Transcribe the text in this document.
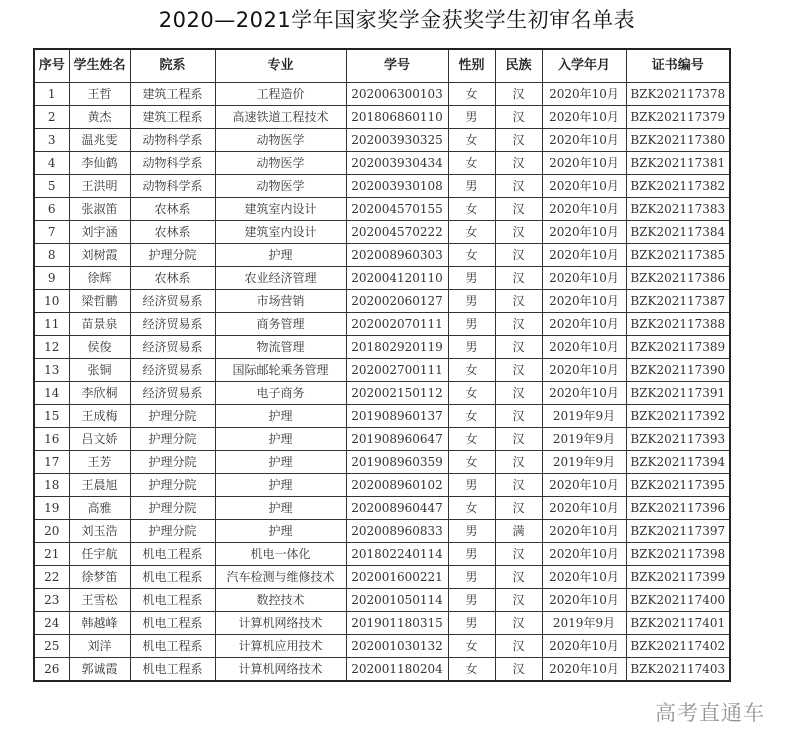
2020—2021学年国家奖学金获奖学生初审名单表
序号	学生姓名	院系	专业	学号	性别	民族	入学年月	证书编号
1	王哲	建筑工程系	工程造价	202006300103	女	汉	2020年10月	BZK202117378
2	黄杰	建筑工程系	高速铁道工程技术	201806860110	男	汉	2020年10月	BZK202117379
3	温兆雯	动物科学系	动物医学	202003930325	女	汉	2020年10月	BZK202117380
4	李仙鹤	动物科学系	动物医学	202003930434	女	汉	2020年10月	BZK202117381
5	王洪明	动物科学系	动物医学	202003930108	男	汉	2020年10月	BZK202117382
6	张淑笛	农林系	建筑室内设计	202004570155	女	汉	2020年10月	BZK202117383
7	刘宇涵	农林系	建筑室内设计	202004570222	女	汉	2020年10月	BZK202117384
8	刘树霞	护理分院	护理	202008960303	女	汉	2020年10月	BZK202117385
9	徐辉	农林系	农业经济管理	202004120110	男	汉	2020年10月	BZK202117386
10	梁哲鹏	经济贸易系	市场营销	202002060127	男	汉	2020年10月	BZK202117387
11	苗景泉	经济贸易系	商务管理	202002070111	男	汉	2020年10月	BZK202117388
12	侯俊	经济贸易系	物流管理	201802920119	男	汉	2020年10月	BZK202117389
13	张铜	经济贸易系	国际邮轮乘务管理	202002700111	女	汉	2020年10月	BZK202117390
14	李欣桐	经济贸易系	电子商务	202002150112	女	汉	2020年10月	BZK202117391
15	王成梅	护理分院	护理	201908960137	女	汉	2019年9月	BZK202117392
16	吕文娇	护理分院	护理	201908960647	女	汉	2019年9月	BZK202117393
17	王芳	护理分院	护理	201908960359	女	汉	2019年9月	BZK202117394
18	王晨旭	护理分院	护理	202008960102	男	汉	2020年10月	BZK202117395
19	高雅	护理分院	护理	202008960447	女	汉	2020年10月	BZK202117396
20	刘玉浩	护理分院	护理	202008960833	男	满	2020年10月	BZK202117397
21	任宇航	机电工程系	机电一体化	201802240114	男	汉	2020年10月	BZK202117398
22	徐梦笛	机电工程系	汽车检测与维修技术	202001600221	男	汉	2020年10月	BZK202117399
23	王雪松	机电工程系	数控技术	202001050114	男	汉	2020年10月	BZK202117400
24	韩越峰	机电工程系	计算机网络技术	201901180315	男	汉	2019年9月	BZK202117401
25	刘洋	机电工程系	计算机应用技术	202001030132	女	汉	2020年10月	BZK202117402
26	郭诚霞	机电工程系	计算机网络技术	202001180204	女	汉	2020年10月	BZK202117403
高考直通车
